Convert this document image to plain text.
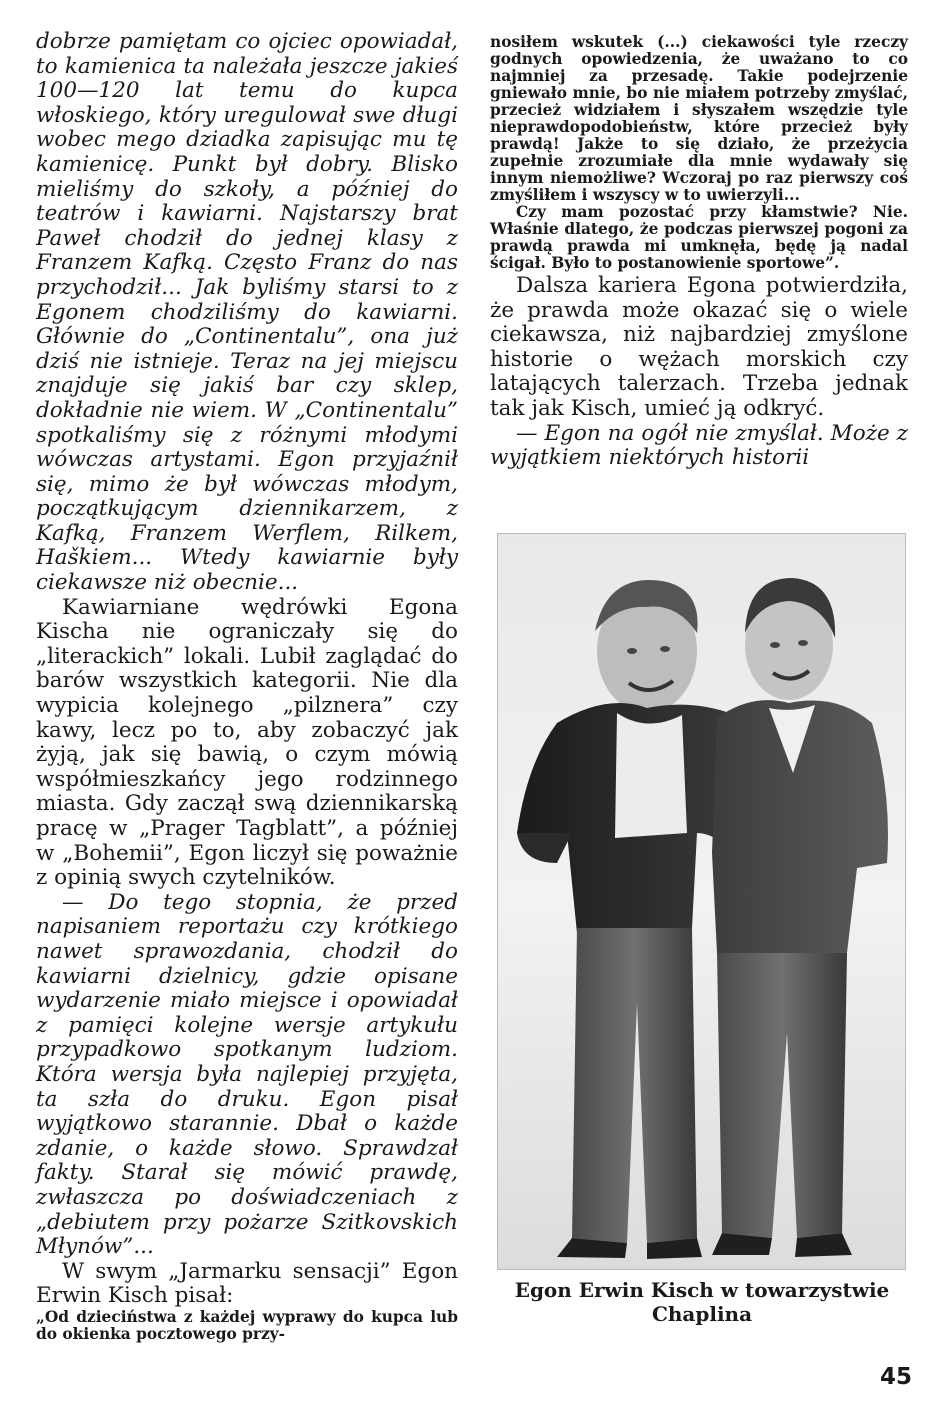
dobrze pamiętam co ojciec opowiadał, to kamienica ta należała jeszcze jakieś 100—120 lat temu do kupca włoskiego, który uregulował swe długi wobec mego dziadka zapisując mu tę kamienicę. Punkt był dobry. Blisko mieliśmy do szkoły, a później do teatrów i kawiarni. Najstarszy brat Paweł chodził do jednej klasy z Franzem Kafką. Często Franz do nas przychodził... Jak byliśmy starsi to z Egonem chodziliśmy do kawiarni. Głównie do „Continentalu”, ona już dziś nie istnieje. Teraz na jej miejscu znajduje się jakiś bar czy sklep, dokładnie nie wiem. W „Continentalu” spotkaliśmy się z różnymi młodymi wówczas artystami. Egon przyjaźnił się, mimo że był wówczas młodym, początkującym dziennikarzem, z Kafką, Franzem Werflem, Rilkem, Haškiem... Wtedy kawiarnie były ciekawsze niż obecnie...

Kawiarniane wędrówki Egona Kischa nie ograniczały się do „literackich” lokali. Lubił zaglądać do barów wszystkich kategorii. Nie dla wypicia kolejnego „pilznera” czy kawy, lecz po to, aby zobaczyć jak żyją, jak się bawią, o czym mówią współmieszkańcy jego rodzinnego miasta. Gdy zaczął swą dziennikarską pracę w „Prager Tagblatt”, a później w „Bohemii”, Egon liczył się poważnie z opinią swych czytelników.

— Do tego stopnia, że przed napisaniem reportażu czy krótkiego nawet sprawozdania, chodził do kawiarni dzielnicy, gdzie opisane wydarzenie miało miejsce i opowiadał z pamięci kolejne wersje artykułu przypadkowo spotkanym ludziom. Która wersja była najlepiej przyjęta, ta szła do druku. Egon pisał wyjątkowo starannie. Dbał o każde zdanie, o każde słowo. Sprawdzał fakty. Starał się mówić prawdę, zwłaszcza po doświadczeniach z „debiutem przy pożarze Szitkovskich Młynów”...

W swym „Jarmarku sensacji” Egon Erwin Kisch pisał:

„Od dzieciństwa z każdej wyprawy do kupca lub do okienka pocztowego przy-

nosiłem wskutek (...) ciekawości tyle rzeczy godnych opowiedzenia, że uważano to co najmniej za przesadę. Takie podejrzenie gniewało mnie, bo nie miałem potrzeby zmyślać, przecież widziałem i słyszałem wszędzie tyle nieprawdopodobieństw, które przecież były prawdą! Jakże to się działo, że przeżycia zupełnie zrozumiałe dla mnie wydawały się innym niemożliwe? Wczoraj po raz pierwszy coś zmyśliłem i wszyscy w to uwierzyli...

Czy mam pozostać przy kłamstwie? Nie. Właśnie dlatego, że podczas pierwszej pogoni za prawdą prawda mi umknęła, będę ją nadal ścigał. Było to postanowienie sportowe”.

Dalsza kariera Egona potwierdziła, że prawda może okazać się o wiele ciekawsza, niż najbardziej zmyślone historie o wężach morskich czy latających talerzach. Trzeba jednak tak jak Kisch, umieć ją odkryć.

— Egon na ogół nie zmyślał. Może z wyjątkiem niektórych historii

Egon Erwin Kisch w towarzystwie Chaplina
45
